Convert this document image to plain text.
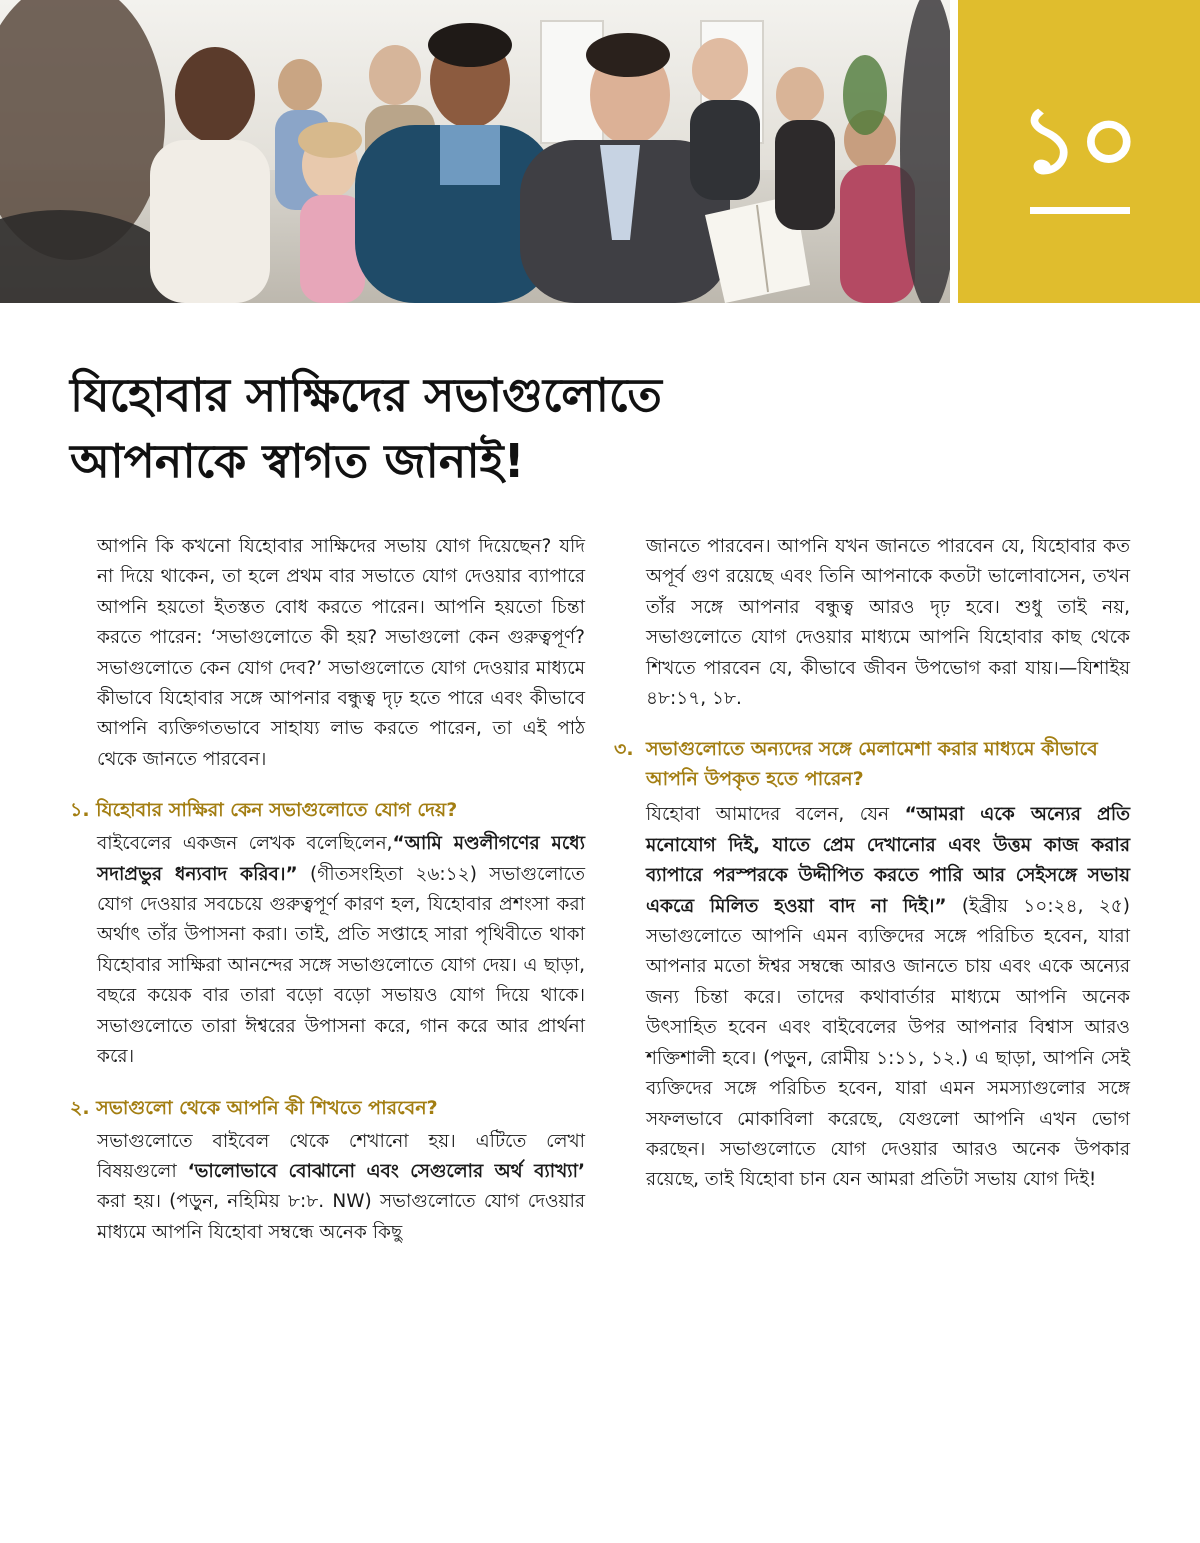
১০
যিহোবার সাক্ষিদের সভাগুলোতে
আপনাকে স্বাগত জানাই!

আপনি কি কখনো যিহোবার সাক্ষিদের সভায় যোগ দিয়েছেন? যদি না দিয়ে থাকেন, তা হলে প্রথম বার সভাতে যোগ দেওয়ার ব্যাপারে আপনি হয়তো ইতস্তত বোধ করতে পারেন। আপনি হয়তো চিন্তা করতে পারেন: ‘সভাগুলোতে কী হয়? সভাগুলো কেন গুরুত্বপূর্ণ? সভাগুলোতে কেন যোগ দেব?’ সভাগুলোতে যোগ দেওয়ার মাধ্যমে কীভাবে যিহোবার সঙ্গে আপনার বন্ধুত্ব দৃঢ় হতে পারে এবং কীভাবে আপনি ব্যক্তিগতভাবে সাহায্য লাভ করতে পারেন, তা এই পাঠ থেকে জানতে পারবেন।

১. যিহোবার সাক্ষিরা কেন সভাগুলোতে যোগ দেয়?

বাইবেলের একজন লেখক বলেছিলেন,“আমি মণ্ডলীগণের মধ্যে সদাপ্রভুর ধন্যবাদ করিব।” (গীতসংহিতা ২৬:১২) সভাগুলোতে যোগ দেওয়ার সবচেয়ে গুরুত্বপূর্ণ কারণ হল, যিহোবার প্রশংসা করা অর্থাৎ তাঁর উপাসনা করা। তাই, প্রতি সপ্তাহে সারা পৃথিবীতে থাকা যিহোবার সাক্ষিরা আনন্দের সঙ্গে সভাগুলোতে যোগ দেয়। এ ছাড়া, বছরে কয়েক বার তারা বড়ো বড়ো সভায়ও যোগ দিয়ে থাকে। সভাগুলোতে তারা ঈশ্বরের উপাসনা করে, গান করে আর প্রার্থনা করে।

২. সভাগুলো থেকে আপনি কী শিখতে পারবেন?

সভাগুলোতে বাইবেল থেকে শেখানো হয়। এটিতে লেখা বিষয়গুলো ‘ভালোভাবে বোঝানো এবং সেগুলোর অর্থ ব্যাখ্যা’ করা হয়। (পড়ুন, নহিমিয় ৮:৮. NW) সভাগুলোতে যোগ দেওয়ার মাধ্যমে আপনি যিহোবা সম্বন্ধে অনেক কিছু

জানতে পারবেন। আপনি যখন জানতে পারবেন যে, যিহোবার কত অপূর্ব গুণ রয়েছে এবং তিনি আপনাকে কতটা ভালোবাসেন, তখন তাঁর সঙ্গে আপনার বন্ধুত্ব আরও দৃঢ় হবে। শুধু তাই নয়, সভাগুলোতে যোগ দেওয়ার মাধ্যমে আপনি যিহোবার কাছ থেকে শিখতে পারবেন যে, কীভাবে জীবন উপভোগ করা যায়।—যিশাইয় ৪৮:১৭, ১৮.

৩. সভাগুলোতে অন্যদের সঙ্গে মেলামেশা করার মাধ্যমে কীভাবে আপনি উপকৃত হতে পারেন?

যিহোবা আমাদের বলেন, যেন “আমরা একে অন্যের প্রতি মনোযোগ দিই, যাতে প্রেম দেখানোর এবং উত্তম কাজ করার ব্যাপারে পরস্পরকে উদ্দীপিত করতে পারি আর সেইসঙ্গে সভায় একত্রে মিলিত হওয়া বাদ না দিই।” (ইব্রীয় ১০:২৪, ২৫) সভাগুলোতে আপনি এমন ব্যক্তিদের সঙ্গে পরিচিত হবেন, যারা আপনার মতো ঈশ্বর সম্বন্ধে আরও জানতে চায় এবং একে অন্যের জন্য চিন্তা করে। তাদের কথাবার্তার মাধ্যমে আপনি অনেক উৎসাহিত হবেন এবং বাইবেলের উপর আপনার বিশ্বাস আরও শক্তিশালী হবে। (পড়ুন, রোমীয় ১:১১, ১২.) এ ছাড়া, আপনি সেই ব্যক্তিদের সঙ্গে পরিচিত হবেন, যারা এমন সমস্যাগুলোর সঙ্গে সফলভাবে মোকাবিলা করেছে, যেগুলো আপনি এখন ভোগ করছেন। সভাগুলোতে যোগ দেওয়ার আরও অনেক উপকার রয়েছে, তাই যিহোবা চান যেন আমরা প্রতিটা সভায় যোগ দিই!
